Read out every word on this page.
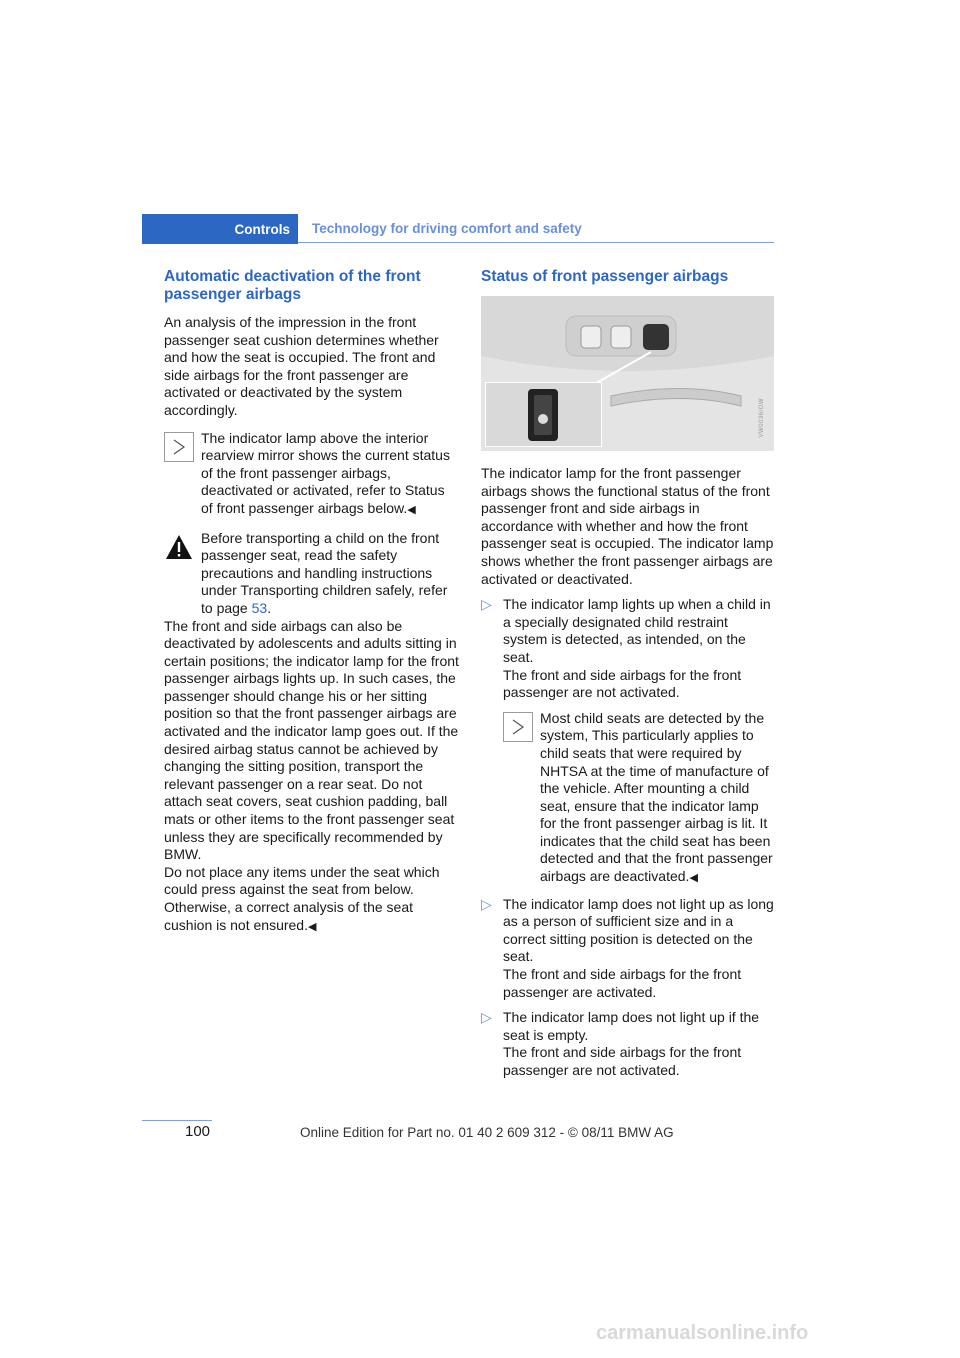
Controls	Technology for driving comfort and safety
Automatic deactivation of the front passenger airbags

An analysis of the impression in the front passenger seat cushion determines whether and how the seat is occupied. The front and side airbags for the front passenger are activated or deactivated by the system accordingly.

The indicator lamp above the interior rearview mirror shows the current status of the front passenger airbags, deactivated or activated, refer to Status of front passenger airbags below.◀
Before transporting a child on the front passenger seat, read the safety precautions and handling instructions under Transporting children safely, refer to page 53.

The front and side airbags can also be deactivated by adolescents and adults sitting in certain positions; the indicator lamp for the front passenger airbags lights up. In such cases, the passenger should change his or her sitting position so that the front passenger airbags are activated and the indicator lamp goes out. If the desired airbag status cannot be achieved by changing the sitting position, transport the relevant passenger on a rear seat. Do not attach seat covers, seat cushion padding, ball mats or other items to the front passenger seat unless they are specifically recommended by BMW.

Do not place any items under the seat which could press against the seat from below. Otherwise, a correct analysis of the seat cushion is not ensured.◀

Status of front passenger airbags
VW0036/OW

The indicator lamp for the front passenger airbags shows the functional status of the front passenger front and side airbags in accordance with whether and how the front passenger seat is occupied. The indicator lamp shows whether the front passenger airbags are activated or deactivated.

▷ The indicator lamp lights up when a child in a specially designated child restraint system is detected, as intended, on the seat.
The front and side airbags for the front passenger are not activated.
Most child seats are detected by the system, This particularly applies to child seats that were required by NHTSA at the time of manufacture of the vehicle. After mounting a child seat, ensure that the indicator lamp for the front passenger airbag is lit. It indicates that the child seat has been detected and that the front passenger airbags are deactivated.◀
▷ The indicator lamp does not light up as long as a person of sufficient size and in a correct sitting position is detected on the seat.
The front and side airbags for the front passenger are activated.
▷ The indicator lamp does not light up if the seat is empty.
The front and side airbags for the front passenger are not activated.
100	Online Edition for Part no. 01 40 2 609 312 - © 08/11 BMW AG
carmanualsonline.info
